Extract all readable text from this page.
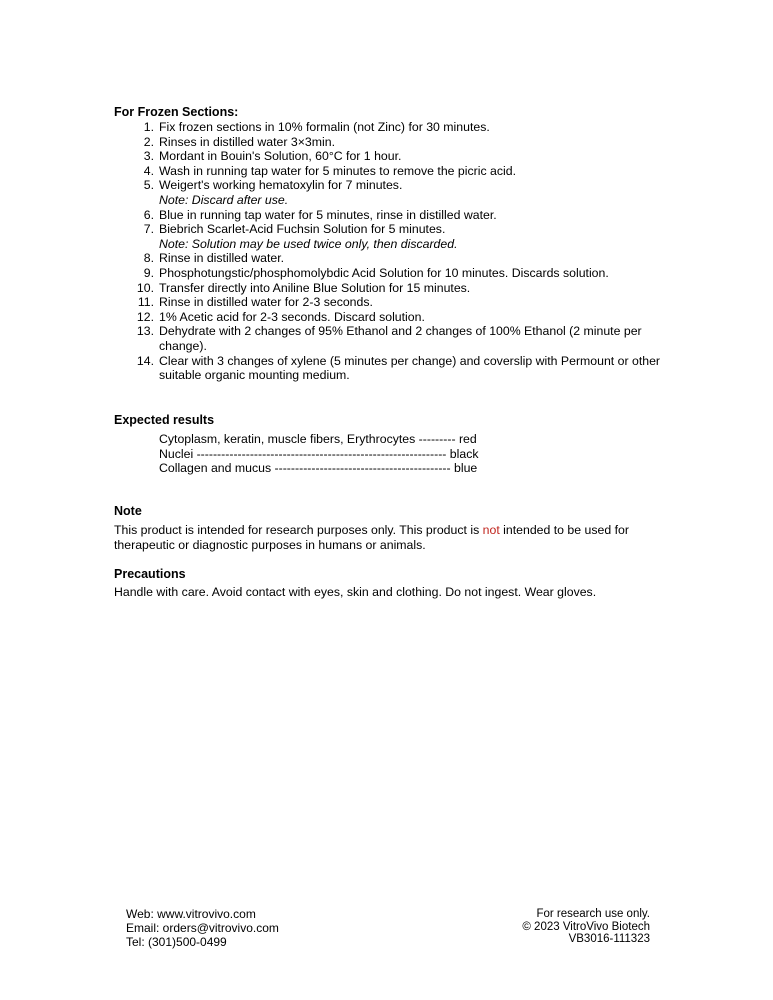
For Frozen Sections:
1. Fix frozen sections in 10% formalin (not Zinc) for 30 minutes.
2. Rinses in distilled water 3×3min.
3. Mordant in Bouin's Solution, 60°C for 1 hour.
4. Wash in running tap water for 5 minutes to remove the picric acid.
5. Weigert's working hematoxylin for 7 minutes.
Note: Discard after use.
6. Blue in running tap water for 5 minutes, rinse in distilled water.
7. Biebrich Scarlet-Acid Fuchsin Solution for 5 minutes.
Note: Solution may be used twice only, then discarded.
8. Rinse in distilled water.
9. Phosphotungstic/phosphomolybdic Acid Solution for 10 minutes. Discards solution.
10. Transfer directly into Aniline Blue Solution for 15 minutes.
11. Rinse in distilled water for 2-3 seconds.
12. 1% Acetic acid for 2-3 seconds. Discard solution.
13. Dehydrate with 2 changes of 95% Ethanol and 2 changes of 100% Ethanol (2 minute per change).
14. Clear with 3 changes of xylene (5 minutes per change) and coverslip with Permount or other suitable organic mounting medium.
Expected results
Cytoplasm, keratin, muscle fibers, Erythrocytes --------- red
Nuclei ------------------------------------------------------------- black
Collagen and mucus ------------------------------------------- blue
Note
This product is intended for research purposes only. This product is not intended to be used for therapeutic or diagnostic purposes in humans or animals.
Precautions
Handle with care. Avoid contact with eyes, skin and clothing. Do not ingest. Wear gloves.
Web: www.vitrovivo.com
Email: orders@vitrovivo.com
Tel: (301)500-0499
For research use only.
© 2023 VitroVivo Biotech
VB3016-111323
